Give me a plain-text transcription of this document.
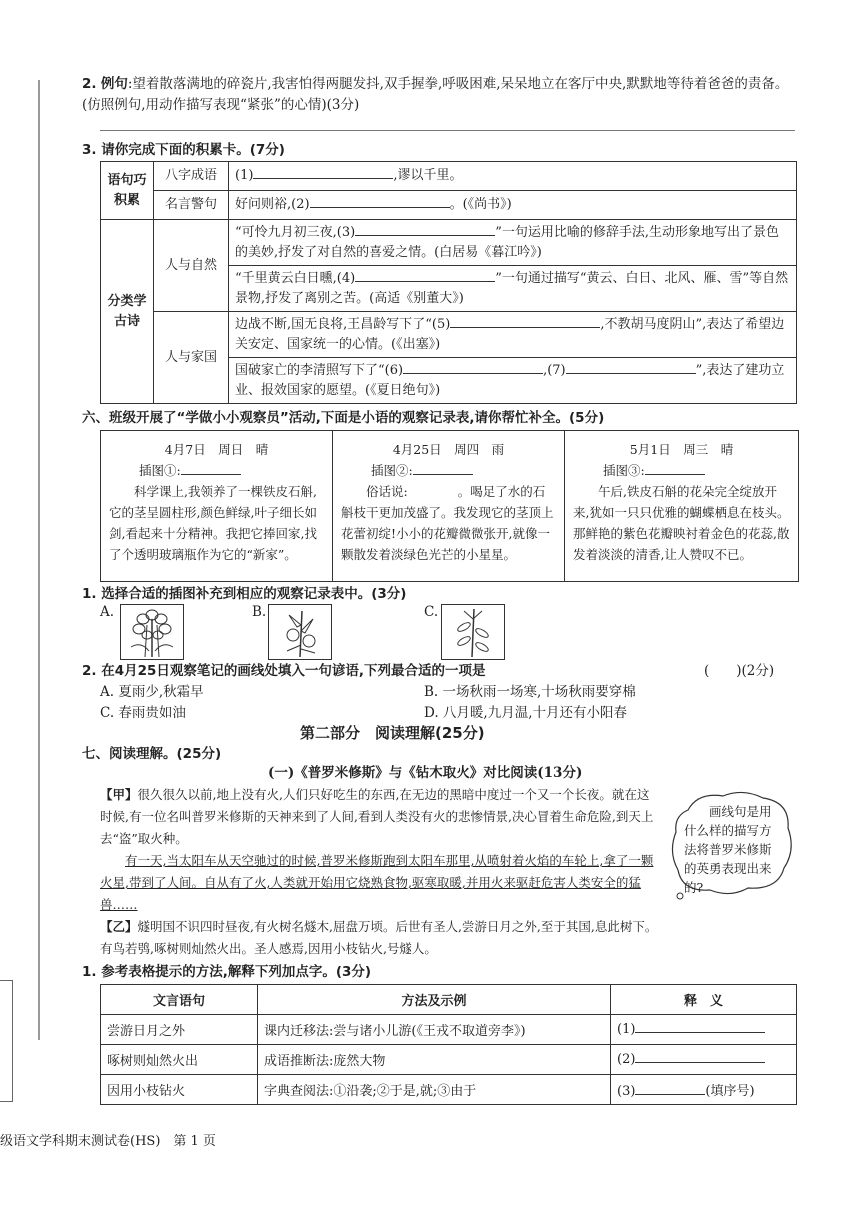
2. 例句:望着散落满地的碎瓷片,我害怕得两腿发抖,双手握拳,呼吸困难,呆呆地立在客厅中央,默默地等待着爸爸的责备。(仿照例句,用动作描写表现“紧张”的心情)(3分)
3. 请你完成下面的积累卡。(7分)
语句巧积累	八字成语	(1) ,谬以千里。
	名言警句	好问则裕,(2) 。(《尚书》)
分类学古诗	人与自然	“可怜九月初三夜,(3) ”一句运用比喻的修辞手法,生动形象地写出了景色的美妙,抒发了对自然的喜爱之情。(白居易《暮江吟》)
		“千里黄云白日曛,(4) ”一句通过描写“黄云、白日、北风、雁、雪”等自然景物,抒发了离别之苦。(高适《别董大》)
	人与家国	边战不断,国无良将,王昌龄写下了“(5) ,不教胡马度阴山”,表达了希望边关安定、国家统一的心情。(《出塞》)
		国破家亡的李清照写下了“(6) ,(7) ”,表达了建功立业、报效国家的愿望。(《夏日绝句》)
六、班级开展了“学做小小观察员”活动,下面是小语的观察记录表,请你帮忙补全。(5分)
4月7日　周日　晴
插图①:
科学课上,我领养了一棵铁皮石斛,它的茎呈圆柱形,颜色鲜绿,叶子细长如剑,看起来十分精神。我把它捧回家,找了个透明玻璃瓶作为它的“新家”。
4月25日　周四　雨
插图②:
俗话说:　　　　。喝足了水的石斛枝干更加茂盛了。我发现它的茎顶上花蕾初绽!小小的花瓣微微张开,就像一颗散发着淡绿色光芒的小星星。
5月1日　周三　晴
插图③:
午后,铁皮石斛的花朵完全绽放开来,犹如一只只优雅的蝴蝶栖息在枝头。那鲜艳的紫色花瓣映衬着金色的花蕊,散发着淡淡的清香,让人赞叹不已。
1. 选择合适的插图补充到相应的观察记录表中。(3分)
A.	B.	C.
2. 在4月25日观察笔记的画线处填入一句谚语,下列最合适的一项是	(　　)(2分)
A. 夏雨少,秋霜早	B. 一场秋雨一场寒,十场秋雨要穿棉
C. 春雨贵如油	D. 八月暖,九月温,十月还有小阳春
第二部分　阅读理解(25分)
七、阅读理解。(25分)
(一)《普罗米修斯》与《钻木取火》对比阅读(13分)
【甲】很久很久以前,地上没有火,人们只好吃生的东西,在无边的黑暗中度过一个又一个长夜。就在这时候,有一位名叫普罗米修斯的天神来到了人间,看到人类没有火的悲惨情景,决心冒着生命危险,到天上去“盗”取火种。
有一天,当太阳车从天空驰过的时候,普罗米修斯跑到太阳车那里,从喷射着火焰的车轮上,拿了一颗火星,带到了人间。自从有了火,人类就开始用它烧熟食物,驱寒取暖,并用火来驱赶危害人类安全的猛兽……
【乙】燧明国不识四时昼夜,有火树名燧木,屈盘万顷。后世有圣人,尝游日月之外,至于其国,息此树下。有鸟若鸮,啄树则灿然火出。圣人感焉,因用小枝钻火,号燧人。
画线句是用什么样的描写方法将普罗米修斯的英勇表现出来的?
1. 参考表格提示的方法,解释下列加点字。(3分)
文言语句	方法及示例	释　义
尝游日月之外	课内迁移法:尝与诸小儿游(《王戎不取道旁李》)	(1)
啄树则灿然火出	成语推断法:庞然大物	(2)
因用小枝钻火	字典查阅法:①沿袭;②于是,就;③由于	(3) (填序号)
级语文学科期末测试卷(HS)　第 1 页
